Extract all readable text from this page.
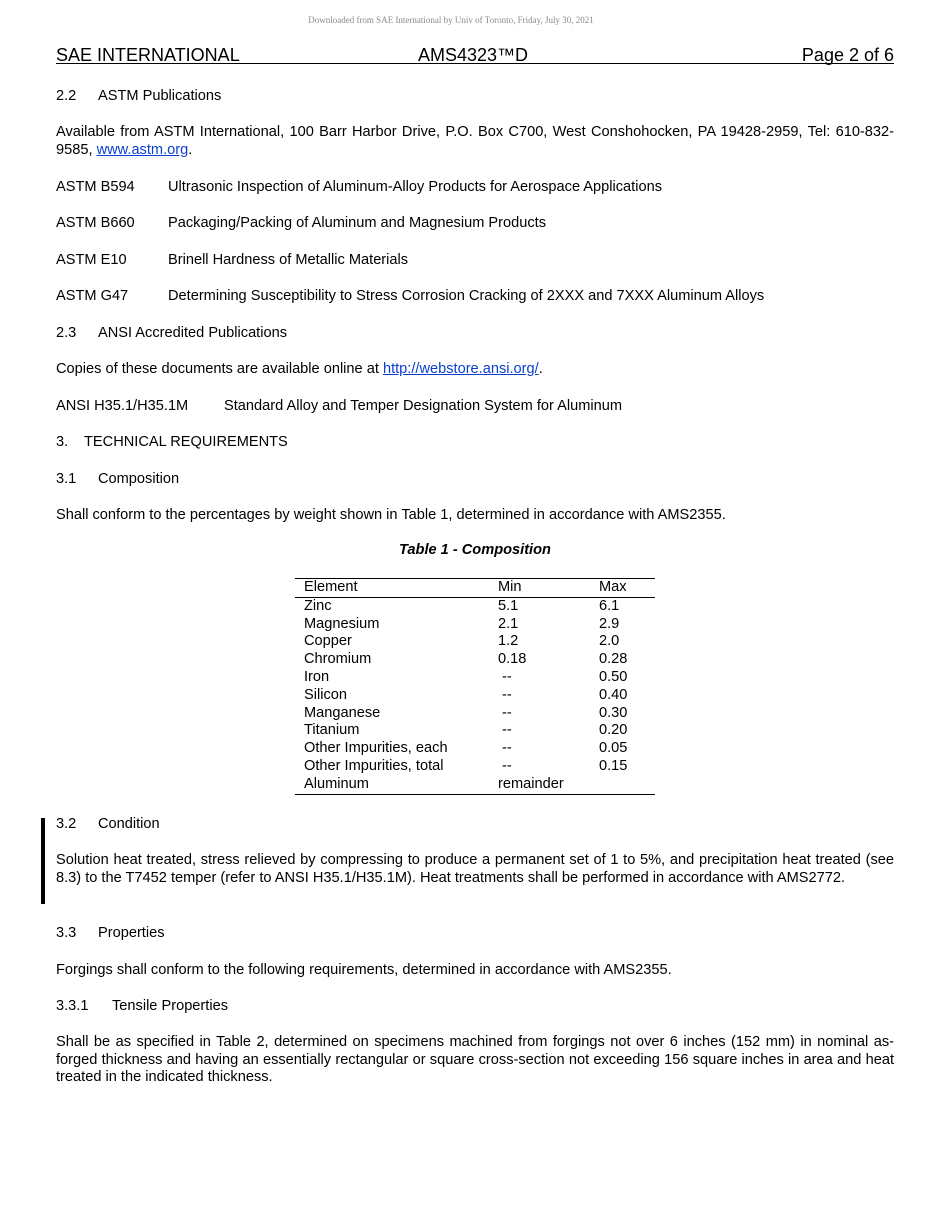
Downloaded from SAE International by Univ of Toronto, Friday, July 30, 2021
SAE INTERNATIONAL	AMS4323™D	Page 2 of 6
2.2 ASTM Publications
Available from ASTM International, 100 Barr Harbor Drive, P.O. Box C700, West Conshohocken, PA 19428-2959, Tel: 610-832-9585, www.astm.org.
ASTM B594 Ultrasonic Inspection of Aluminum-Alloy Products for Aerospace Applications
ASTM B660 Packaging/Packing of Aluminum and Magnesium Products
ASTM E10	Brinell Hardness of Metallic Materials
ASTM G47	Determining Susceptibility to Stress Corrosion Cracking of 2XXX and 7XXX Aluminum Alloys
2.3 ANSI Accredited Publications
Copies of these documents are available online at http://webstore.ansi.org/.
ANSI H35.1/H35.1M Standard Alloy and Temper Designation System for Aluminum
3. TECHNICAL REQUIREMENTS
3.1 Composition
Shall conform to the percentages by weight shown in Table 1, determined in accordance with AMS2355.
Table 1 - Composition
Element	Min	Max
Zinc	5.1	6.1
Magnesium	2.1	2.9
Copper	1.2	2.0
Chromium	0.18	0.28
Iron	--	0.50
Silicon	--	0.40
Manganese	--	0.30
Titanium	--	0.20
Other Impurities, each	--	0.05
Other Impurities, total	--	0.15
Aluminum	remainder	
3.2 Condition
Solution heat treated, stress relieved by compressing to produce a permanent set of 1 to 5%, and precipitation heat treated (see 8.3) to the T7452 temper (refer to ANSI H35.1/H35.1M). Heat treatments shall be performed in accordance with AMS2772.
3.3 Properties
Forgings shall conform to the following requirements, determined in accordance with AMS2355.
3.3.1 Tensile Properties
Shall be as specified in Table 2, determined on specimens machined from forgings not over 6 inches (152 mm) in nominal as-forged thickness and having an essentially rectangular or square cross-section not exceeding 156 square inches in area and heat treated in the indicated thickness.
